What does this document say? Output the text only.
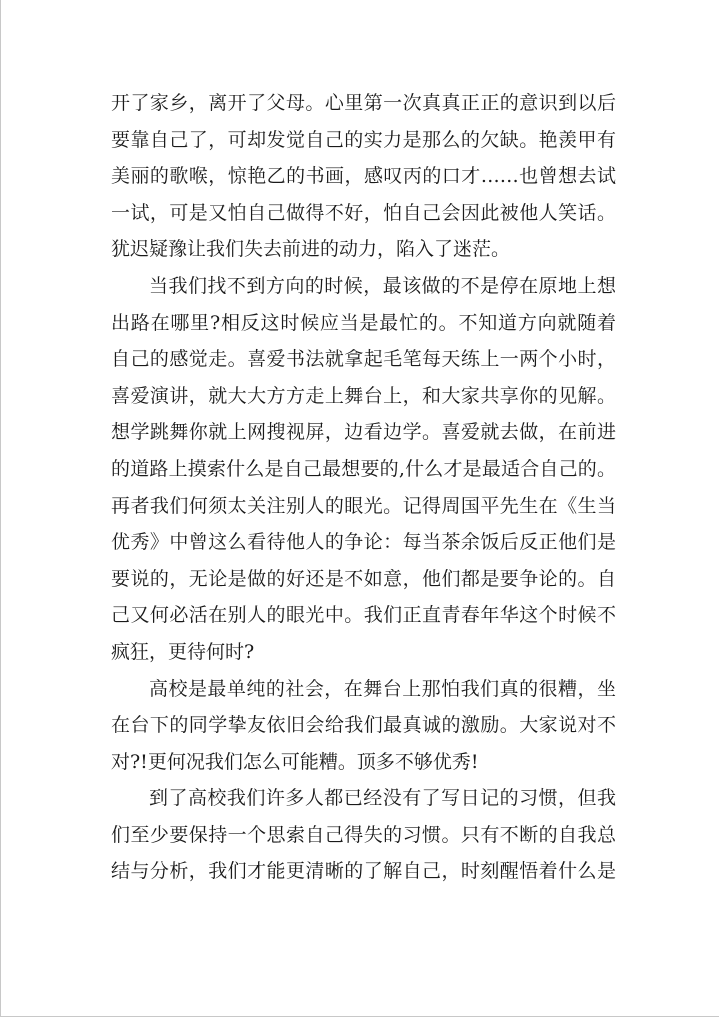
开了家乡，离开了父母。心里第一次真真正正的意识到以后
要靠自己了，可却发觉自己的实力是那么的欠缺。艳羡甲有
美丽的歌喉，惊艳乙的书画，感叹丙的口才……也曾想去试
一试，可是又怕自己做得不好，怕自己会因此被他人笑话。
犹迟疑豫让我们失去前进的动力，陷入了迷茫。
当我们找不到方向的时候，最该做的不是停在原地上想
出路在哪里?相反这时候应当是最忙的。不知道方向就随着
自己的感觉走。喜爱书法就拿起毛笔每天练上一两个小时，
喜爱演讲，就大大方方走上舞台上，和大家共享你的见解。
想学跳舞你就上网搜视屏，边看边学。喜爱就去做，在前进
的道路上摸索什么是自己最想要的,什么才是最适合自己的。
再者我们何须太关注别人的眼光。记得周国平先生在《生当
优秀》中曾这么看待他人的争论：每当茶余饭后反正他们是
要说的，无论是做的好还是不如意，他们都是要争论的。自
己又何必活在别人的眼光中。我们正直青春年华这个时候不
疯狂，更待何时?
高校是最单纯的社会，在舞台上那怕我们真的很糟，坐
在台下的同学挚友依旧会给我们最真诚的激励。大家说对不
对?!更何况我们怎么可能糟。顶多不够优秀!
到了高校我们许多人都已经没有了写日记的习惯，但我
们至少要保持一个思索自己得失的习惯。只有不断的自我总
结与分析，我们才能更清晰的了解自己，时刻醒悟着什么是
